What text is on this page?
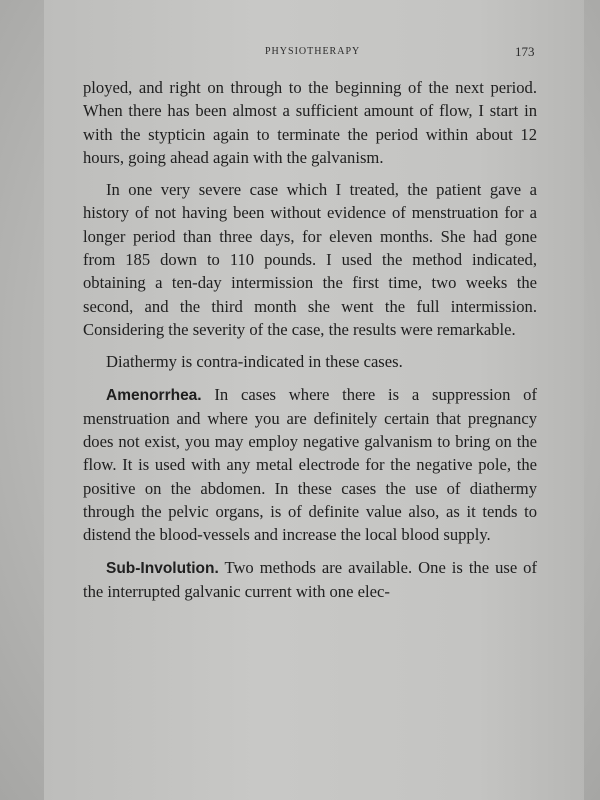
PHYSIOTHERAPY	173

ployed, and right on through to the beginning of the next period. When there has been almost a sufficient amount of flow, I start in with the stypticin again to terminate the period within about 12 hours, going ahead again with the galvanism.

In one very severe case which I treated, the patient gave a history of not having been without evidence of menstruation for a longer period than three days, for eleven months. She had gone from 185 down to 110 pounds. I used the method indicated, obtaining a ten-day intermission the first time, two weeks the second, and the third month she went the full intermission. Considering the severity of the case, the results were remarkable.

Diathermy is contra-indicated in these cases.

Amenorrhea. In cases where there is a suppression of menstruation and where you are definitely certain that pregnancy does not exist, you may employ negative galvanism to bring on the flow. It is used with any metal electrode for the negative pole, the positive on the abdomen. In these cases the use of diathermy through the pelvic organs, is of definite value also, as it tends to distend the blood-vessels and increase the local blood supply.

Sub-Involution. Two methods are available. One is the use of the interrupted galvanic current with one elec-
